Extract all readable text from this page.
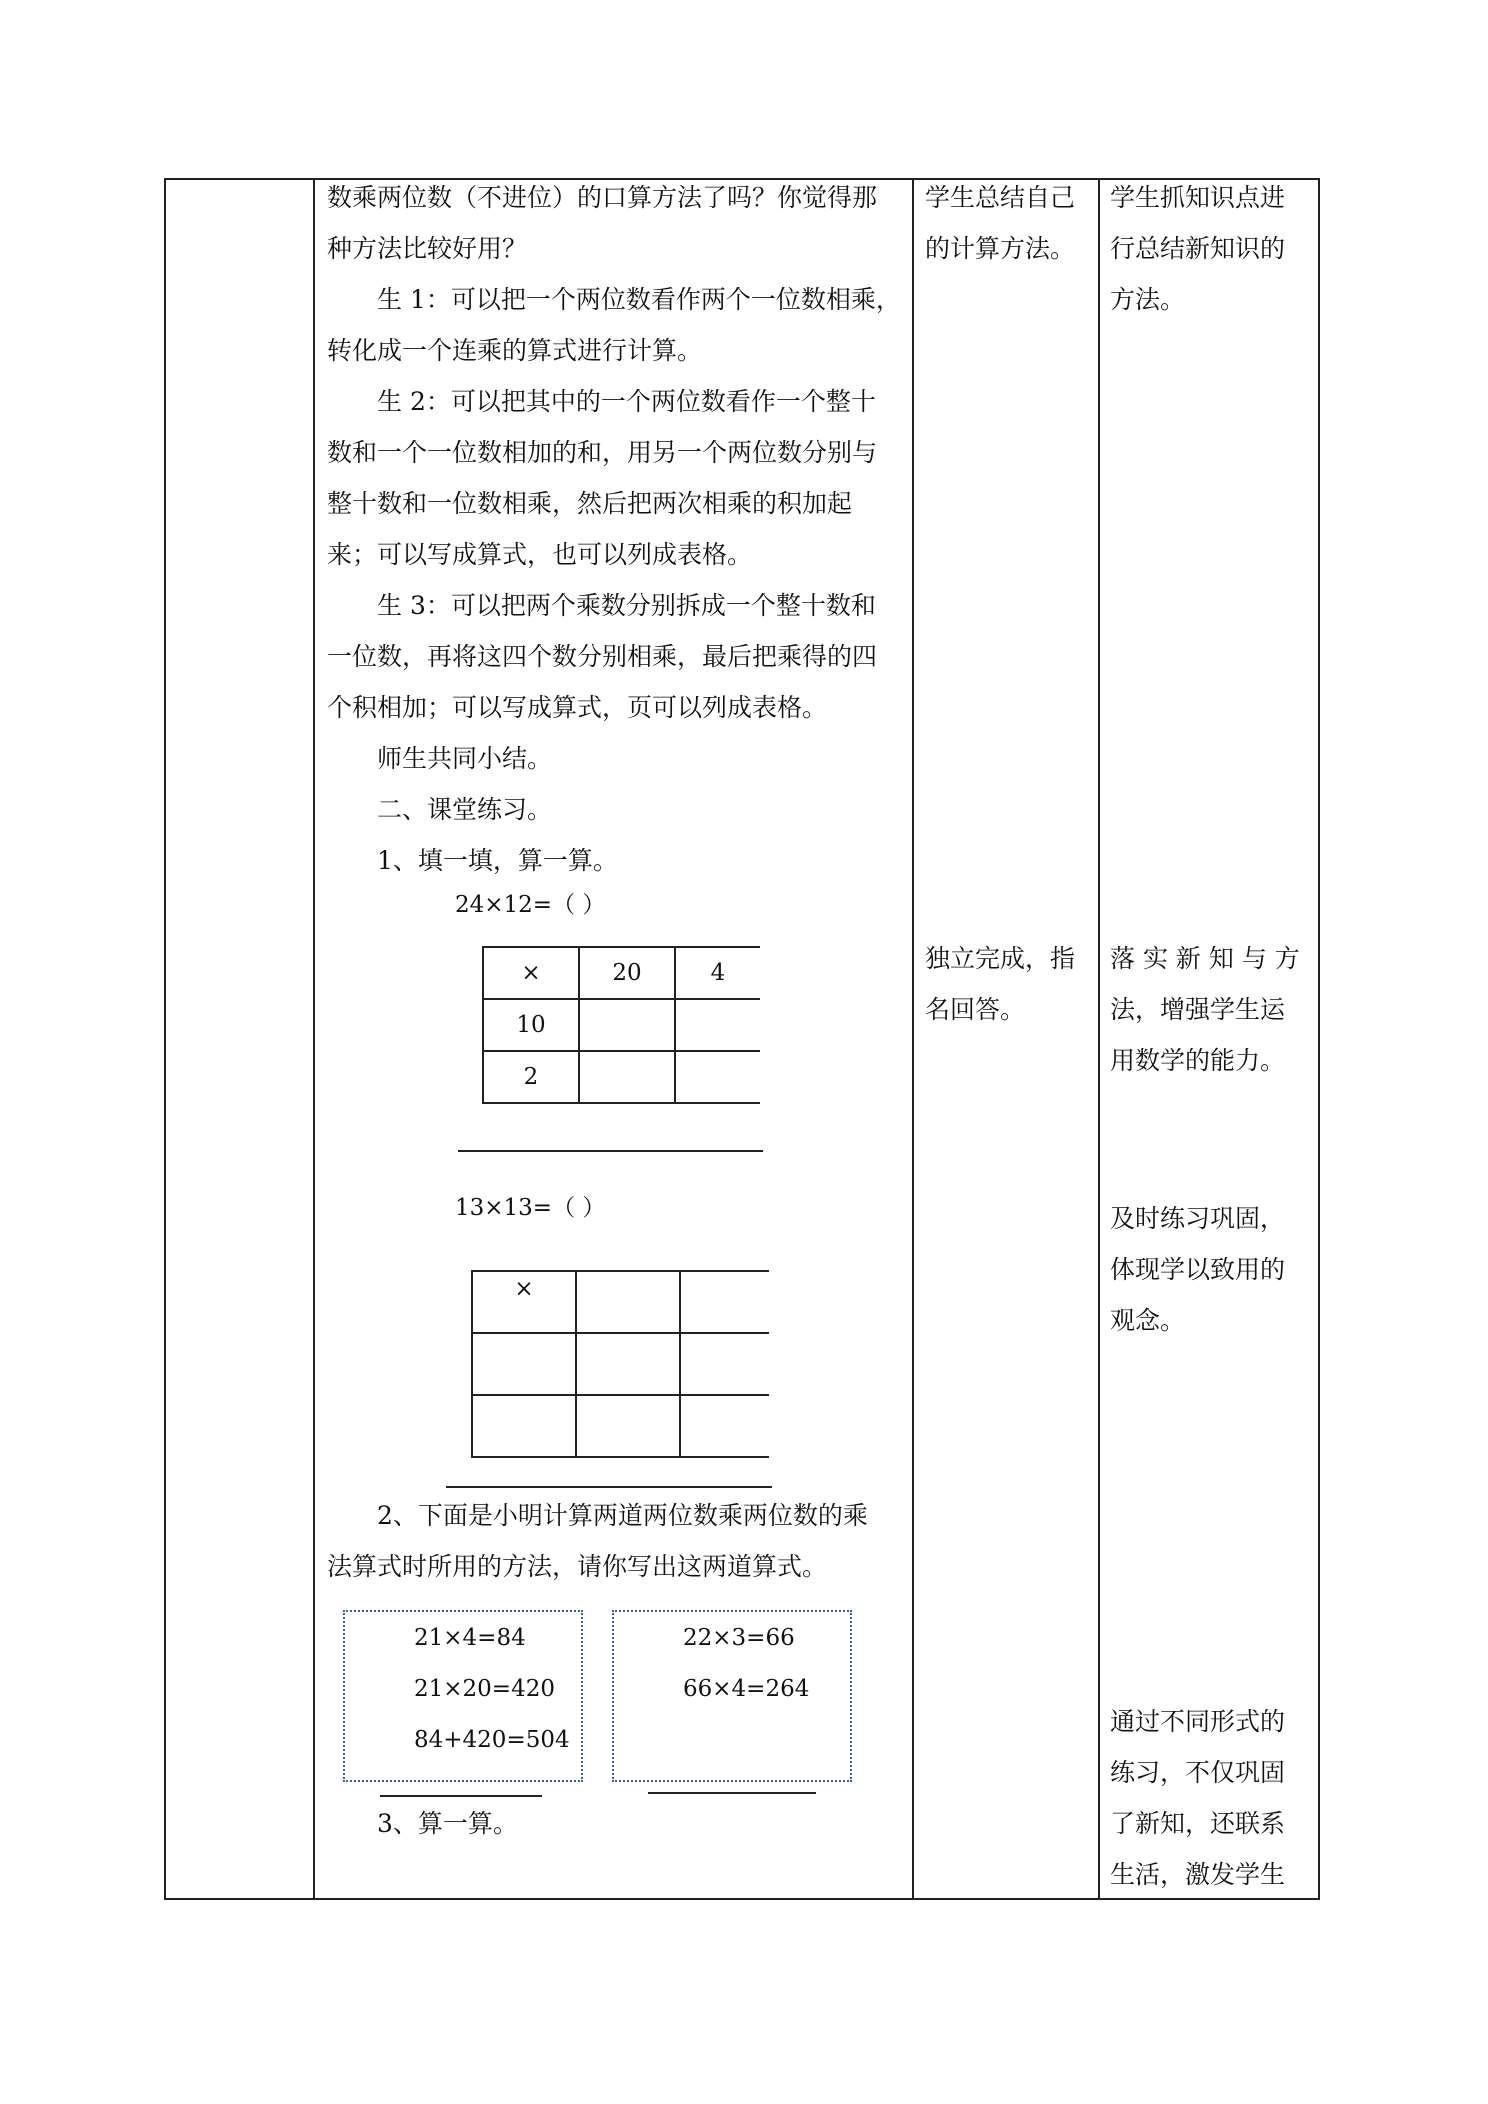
数乘两位数（不进位）的口算方法了吗？你觉得那
种方法比较好用？
生 1：可以把一个两位数看作两个一位数相乘，
转化成一个连乘的算式进行计算。
生 2：可以把其中的一个两位数看作一个整十
数和一个一位数相加的和，用另一个两位数分别与
整十数和一位数相乘，然后把两次相乘的积加起
来；可以写成算式，也可以列成表格。
生 3：可以把两个乘数分别拆成一个整十数和
一位数，再将这四个数分别相乘，最后把乘得的四
个积相加；可以写成算式，页可以列成表格。
师生共同小结。
二、课堂练习。
1、填一填，算一算。
24×12=（ ）
×	20	4

10		

2		

13×13=（ ）
×		

2、下面是小明计算两道两位数乘两位数的乘
法算式时所用的方法，请你写出这两道算式。
21×4=84
21×20=420
84+420=504
22×3=66
66×4=264
3、算一算。
学生总结自己
的计算方法。
独立完成，指
名回答。
学生抓知识点进
行总结新知识的
方法。
落 实 新 知 与 方
法，增强学生运
用数学的能力。
及时练习巩固，
体现学以致用的
观念。
通过不同形式的
练习，不仅巩固
了新知，还联系
生活，激发学生
